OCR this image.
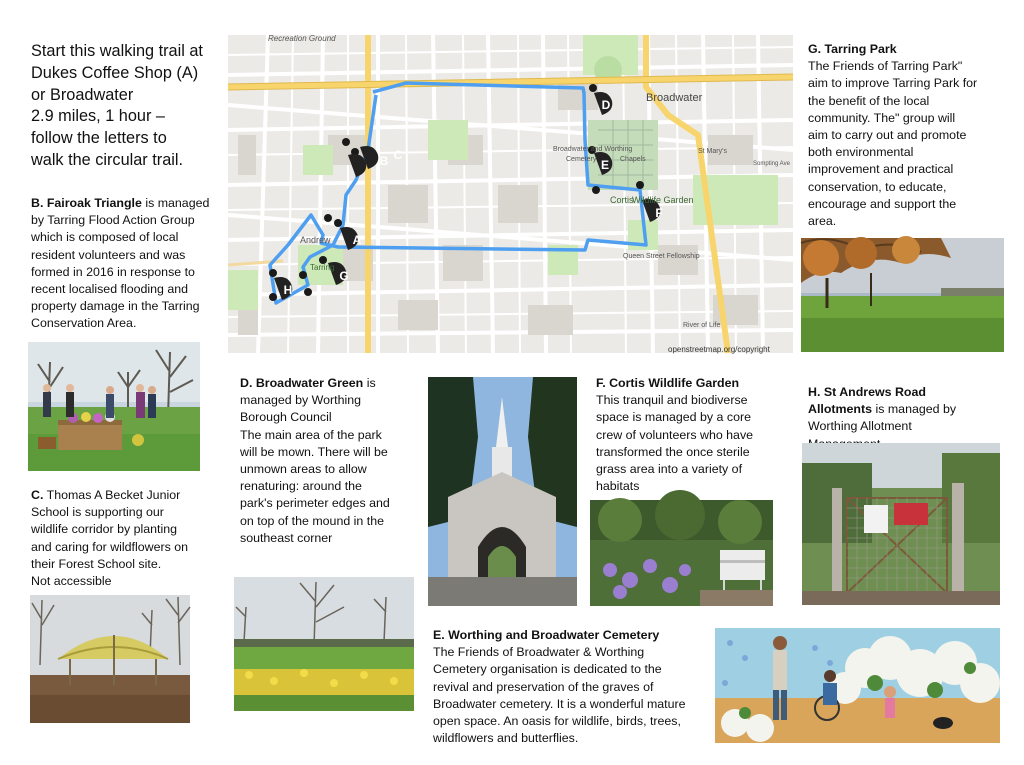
Start this walking trail at
Dukes Coffee Shop (A)
or Broadwater
2.9 miles, 1 hour –
follow the letters to
walk the circular trail.
B. Fairoak Triangle is managed
by Tarring Flood Action Group
which is composed of local
resident volunteers and was
formed in 2016 in response to
recent localised flooding and
property damage in the Tarring
Conservation Area.
C. Thomas A Becket Junior
School is supporting our
wildlife corridor by planting
and caring for wildflowers on
their Forest School site.
Not accessible
A
B C
D
E
F
G
H
Recreation Ground
Broadwater
Broadwater and Worthing
Cemetery	Chapels
St Mary's
Sompting Ave
Cortis
Wildlife Garden
Queen Street Fellowship
Andrew
Tarring
River of Life
openstreetmap.org/copyright
G. Tarring Park
The Friends of Tarring Park"
aim to improve Tarring Park for
the benefit of the local
community. The" group will
aim to carry out and promote
both environmental
improvement and practical
conservation, to educate,
encourage and support the
area.
D. Broadwater Green is
managed by Worthing
Borough Council
The main area of the park
will be mown. There will be
unmown areas to allow
renaturing: around the
park's perimeter edges and
on top of the mound in the
southeast corner
F. Cortis Wildlife Garden
This tranquil and biodiverse
space is managed by a core
crew of volunteers who have
transformed the once sterile
grass area into a variety of
habitats
H. St Andrews Road
Allotments is managed by
Worthing Allotment
E. Worthing and Broadwater Cemetery
The Friends of Broadwater & Worthing
Cemetery organisation is dedicated to the
revival and preservation of the graves of
Broadwater cemetery. It is a wonderful mature
open space. An oasis for wildlife, birds, trees,
wildflowers and butterflies.
